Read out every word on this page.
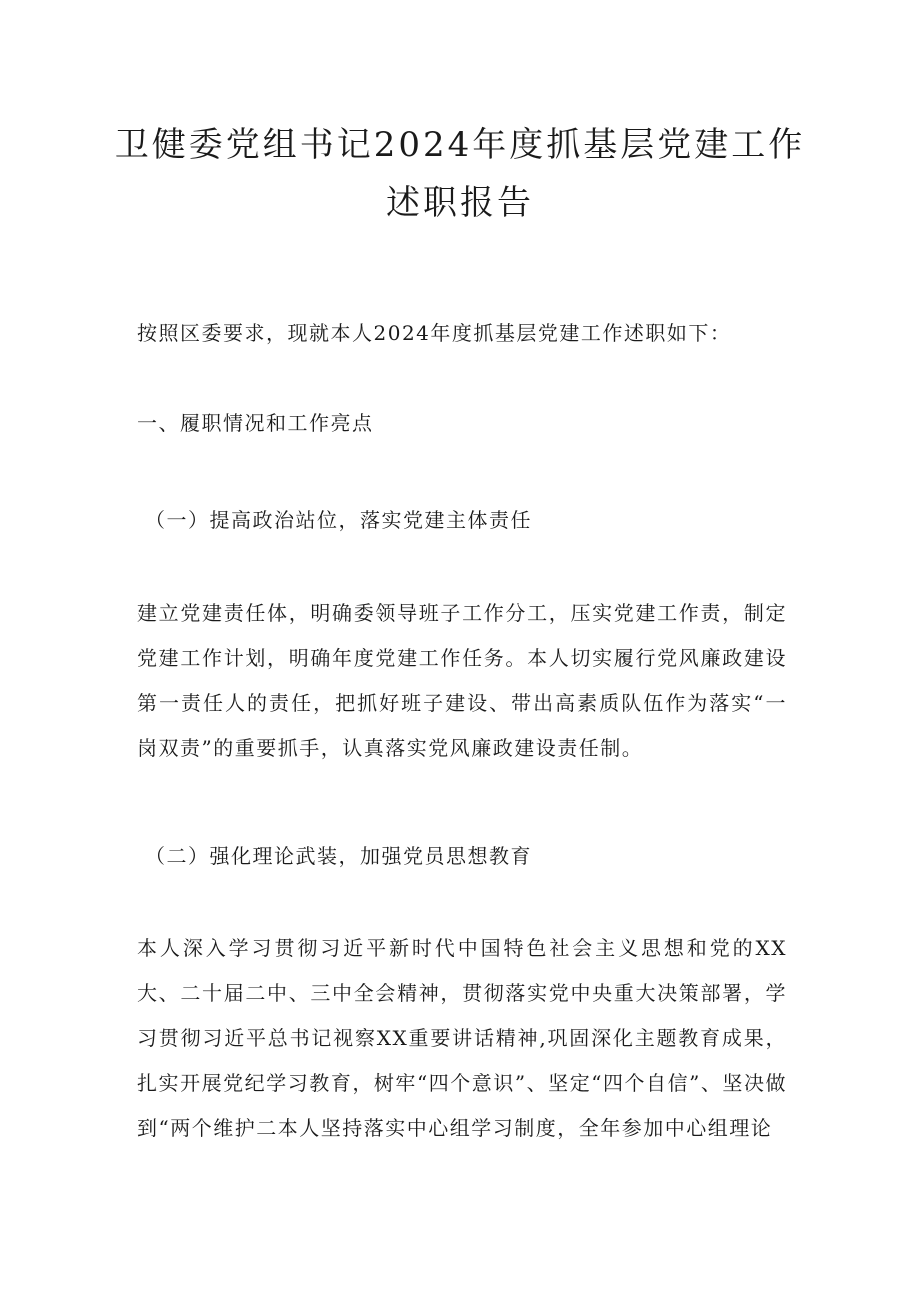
卫健委党组书记2024年度抓基层党建工作
述职报告
按照区委要求，现就本人2024年度抓基层党建工作述职如下：
一、履职情况和工作亮点
（一）提高政治站位，落实党建主体责任
建立党建责任体，明确委领导班子工作分工，压实党建工作责，制定党建工作计划，明确年度党建工作任务。本人切实履行党风廉政建设第一责任人的责任，把抓好班子建设、带出高素质队伍作为落实“一岗双责”的重要抓手，认真落实党风廉政建设责任制。
（二）强化理论武装，加强党员思想教育
本人深入学习贯彻习近平新时代中国特色社会主义思想和党的XX大、二十届二中、三中全会精神，贯彻落实党中央重大决策部署，学习贯彻习近平总书记视察XX重要讲话精神,巩固深化主题教育成果，扎实开展党纪学习教育，树牢“四个意识”、坚定“四个自信”、坚决做到“两个维护二本人坚持落实中心组学习制度，全年参加中心组理论
